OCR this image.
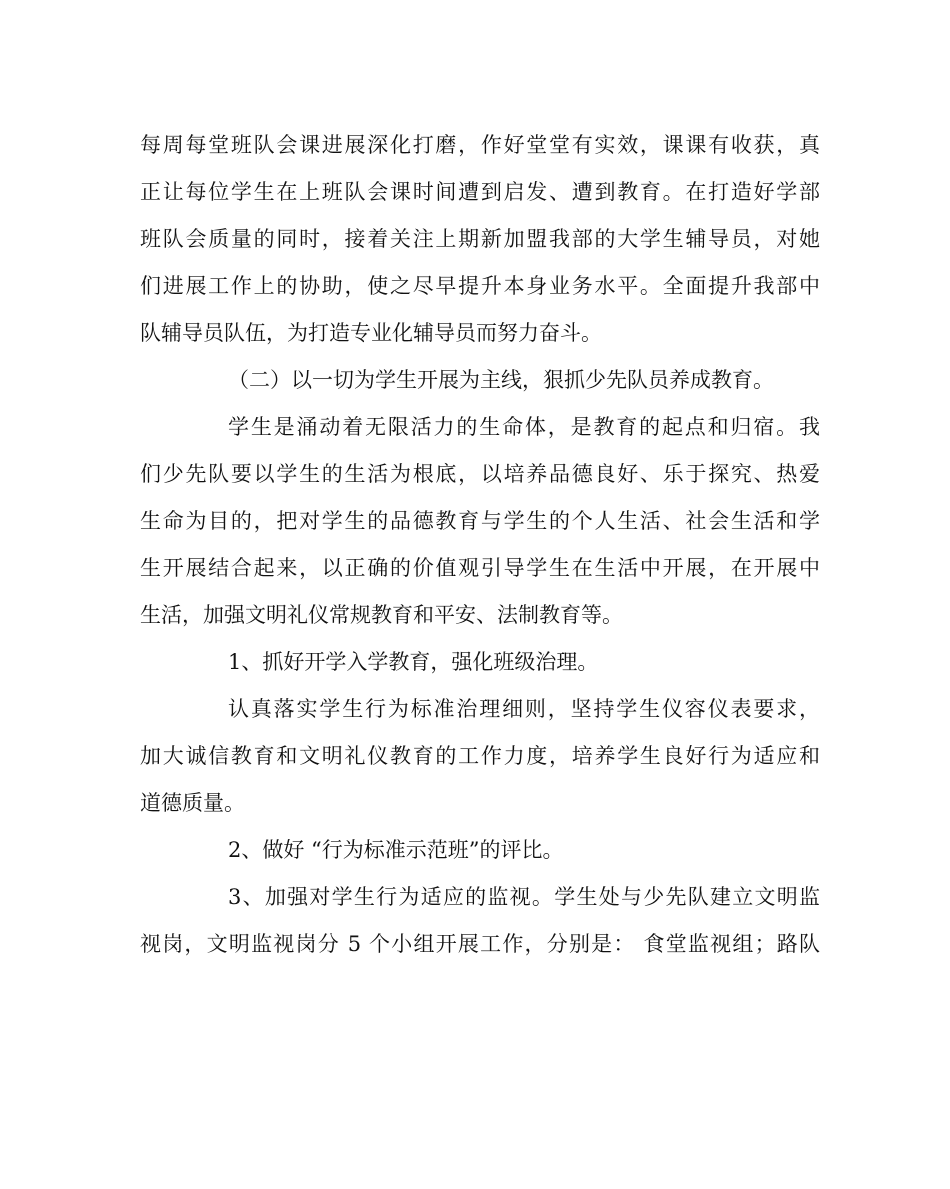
每周每堂班队会课进展深化打磨，作好堂堂有实效，课课有收获，真
正让每位学生在上班队会课时间遭到启发、遭到教育。在打造好学部
班队会质量的同时，接着关注上期新加盟我部的大学生辅导员，对她
们进展工作上的协助，使之尽早提升本身业务水平。全面提升我部中
队辅导员队伍，为打造专业化辅导员而努力奋斗。
（二）以一切为学生开展为主线，狠抓少先队员养成教育。
学生是涌动着无限活力的生命体，是教育的起点和归宿。我
们少先队要以学生的生活为根底，以培养品德良好、乐于探究、热爱
生命为目的，把对学生的品德教育与学生的个人生活、社会生活和学
生开展结合起来，以正确的价值观引导学生在生活中开展，在开展中
生活，加强文明礼仪常规教育和平安、法制教育等。
1、抓好开学入学教育，强化班级治理。
认真落实学生行为标准治理细则，坚持学生仪容仪表要求，
加大诚信教育和文明礼仪教育的工作力度，培养学生良好行为适应和
道德质量。
2、做好 “行为标准示范班”的评比。
3、加强对学生行为适应的监视。学生处与少先队建立文明监
视岗，文明监视岗分 5 个小组开展工作，分别是： 食堂监视组；路队
